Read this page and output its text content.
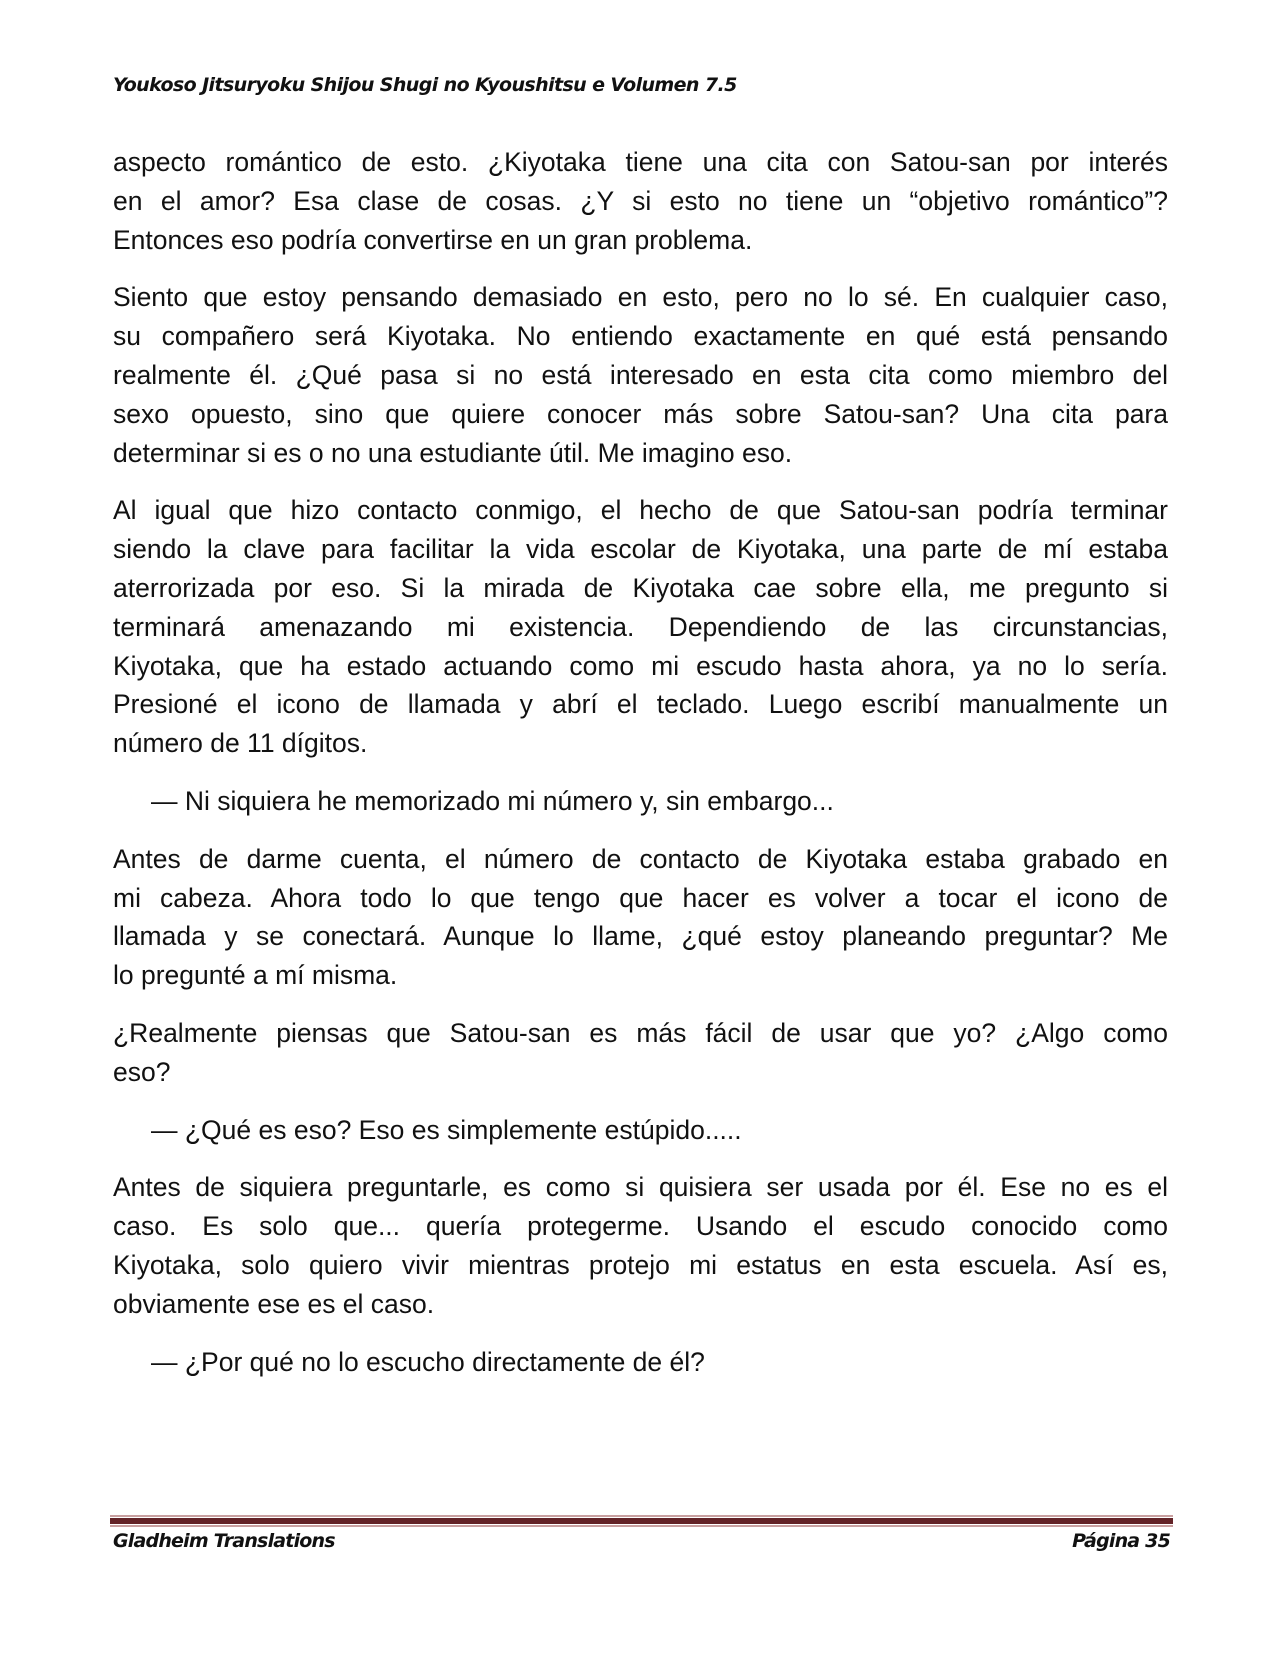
Youkoso Jitsuryoku Shijou Shugi no Kyoushitsu e Volumen 7.5
aspecto romántico de esto. ¿Kiyotaka tiene una cita con Satou-san por interés
en el amor? Esa clase de cosas. ¿Y si esto no tiene un “objetivo romántico”?
Entonces eso podría convertirse en un gran problema.
Siento que estoy pensando demasiado en esto, pero no lo sé. En cualquier caso,
su compañero será Kiyotaka. No entiendo exactamente en qué está pensando
realmente él. ¿Qué pasa si no está interesado en esta cita como miembro del
sexo opuesto, sino que quiere conocer más sobre Satou-san? Una cita para
determinar si es o no una estudiante útil. Me imagino eso.
Al igual que hizo contacto conmigo, el hecho de que Satou-san podría terminar
siendo la clave para facilitar la vida escolar de Kiyotaka, una parte de mí estaba
aterrorizada por eso. Si la mirada de Kiyotaka cae sobre ella, me pregunto si
terminará amenazando mi existencia. Dependiendo de las circunstancias,
Kiyotaka, que ha estado actuando como mi escudo hasta ahora, ya no lo sería.
Presioné el icono de llamada y abrí el teclado. Luego escribí manualmente un
número de 11 dígitos.
— Ni siquiera he memorizado mi número y, sin embargo...
Antes de darme cuenta, el número de contacto de Kiyotaka estaba grabado en
mi cabeza. Ahora todo lo que tengo que hacer es volver a tocar el icono de
llamada y se conectará. Aunque lo llame, ¿qué estoy planeando preguntar? Me
lo pregunté a mí misma.
¿Realmente piensas que Satou-san es más fácil de usar que yo? ¿Algo como
eso?
— ¿Qué es eso? Eso es simplemente estúpido.....
Antes de siquiera preguntarle, es como si quisiera ser usada por él. Ese no es el
caso. Es solo que... quería protegerme. Usando el escudo conocido como
Kiyotaka, solo quiero vivir mientras protejo mi estatus en esta escuela. Así es,
obviamente ese es el caso.
— ¿Por qué no lo escucho directamente de él?
Gladheim Translations	Página 35
